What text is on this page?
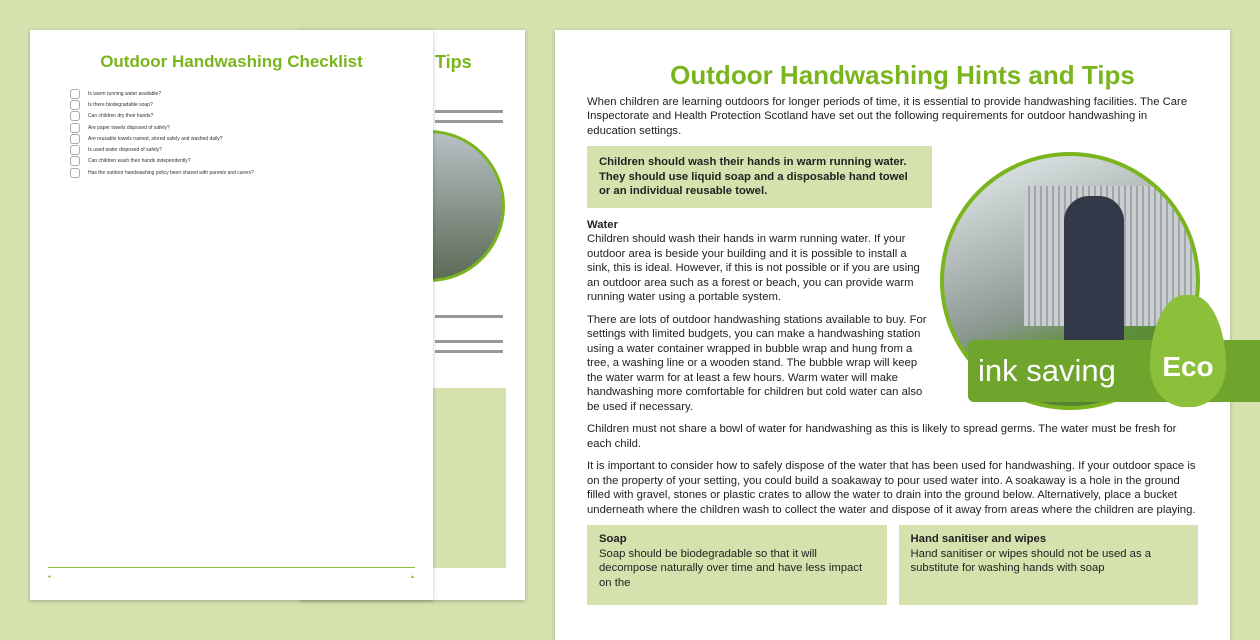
Tips
Outdoor Handwashing Checklist
Is warm running water available?
Is there biodegradable soap?
Can children dry their hands?
Are paper towels disposed of safely?
Are reusable towels named, stored safely and washed daily?
Is used water disposed of safely?
Can children wash their hands independently?
Has the outdoor handwashing policy been shared with parents and carers?
●	▲
Outdoor Handwashing Hints and Tips

When children are learning outdoors for longer periods of time, it is essential to provide handwashing facilities. The Care Inspectorate and Health Protection Scotland have set out the following requirements for outdoor handwashing in education settings.

Children should wash their hands in warm running water. They should use liquid soap and a disposable hand towel or an individual reusable towel.

Water
Children should wash their hands in warm running water. If your outdoor area is beside your building and it is possible to install a sink, this is ideal. However, if this is not possible or if you are using an outdoor area such as a forest or beach, you can provide warm running water using a portable system.

There are lots of outdoor handwashing stations available to buy. For settings with limited budgets, you can make a handwashing station using a water container wrapped in bubble wrap and hung from a tree, a washing line or a wooden stand. The bubble wrap will keep the water warm for at least a few hours. Warm water will make handwashing more comfortable for children but cold water can also be used if necessary.

Children must not share a bowl of water for handwashing as this is likely to spread germs. The water must be fresh for each child.

It is important to consider how to safely dispose of the water that has been used for handwashing. If your outdoor space is on the property of your setting, you could build a soakaway to pour used water into. A soakaway is a hole in the ground filled with gravel, stones or plastic crates to allow the water to drain into the ground below. Alternatively, place a bucket underneath where the children wash to collect the water and dispose of it away from areas where the children are playing.

Soap
Soap should be biodegradable so that it will decompose naturally over time and have less impact on the
Hand sanitiser and wipes
Hand sanitiser or wipes should not be used as a substitute for washing hands with soap
ink saving	Eco
